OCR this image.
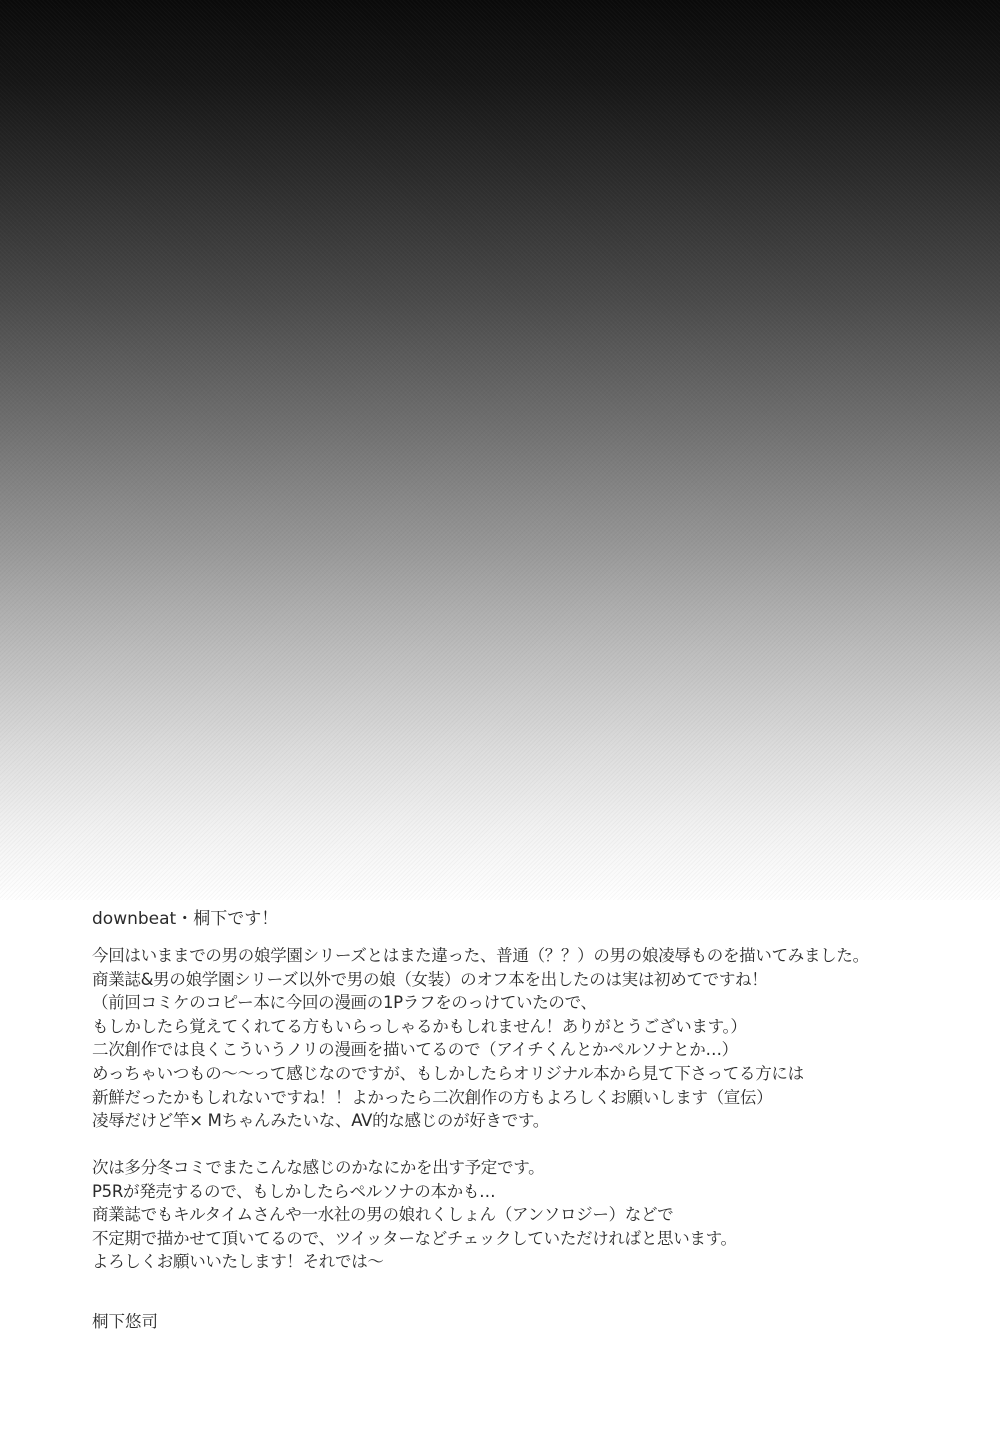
downbeat・桐下です！
今回はいままでの男の娘学園シリーズとはまた違った、普通（？？）の男の娘凌辱ものを描いてみました。
商業誌&男の娘学園シリーズ以外で男の娘（女装）のオフ本を出したのは実は初めてですね！
（前回コミケのコピー本に今回の漫画の1Pラフをのっけていたので、
もしかしたら覚えてくれてる方もいらっしゃるかもしれません！ありがとうございます。）
二次創作では良くこういうノリの漫画を描いてるので（アイチくんとかペルソナとか…）
めっちゃいつもの〜〜って感じなのですが、もしかしたらオリジナル本から見て下さってる方には
新鮮だったかもしれないですね！！よかったら二次創作の方もよろしくお願いします（宣伝）
凌辱だけど竿× Mちゃんみたいな、AV的な感じのが好きです。
次は多分冬コミでまたこんな感じのかなにかを出す予定です。
P5Rが発売するので、もしかしたらペルソナの本かも…
商業誌でもキルタイムさんや一水社の男の娘れくしょん（アンソロジー）などで
不定期で描かせて頂いてるので、ツイッターなどチェックしていただければと思います。
よろしくお願いいたします！それでは〜
桐下悠司
